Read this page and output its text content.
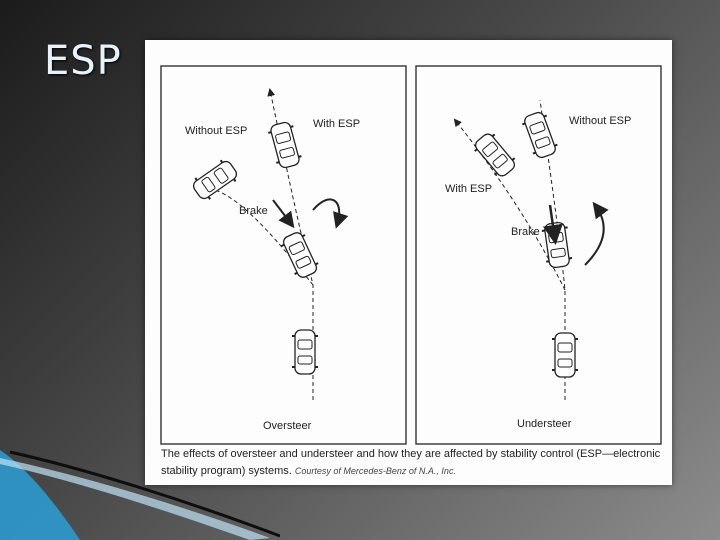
ESP
Without ESP
With ESP
Brake
Oversteer
Without ESP
With ESP
Brake
Understeer
The effects of oversteer and understeer and how they are affected by stability control (ESP—electronic stability program) systems. Courtesy of Mercedes-Benz of N.A., Inc.
